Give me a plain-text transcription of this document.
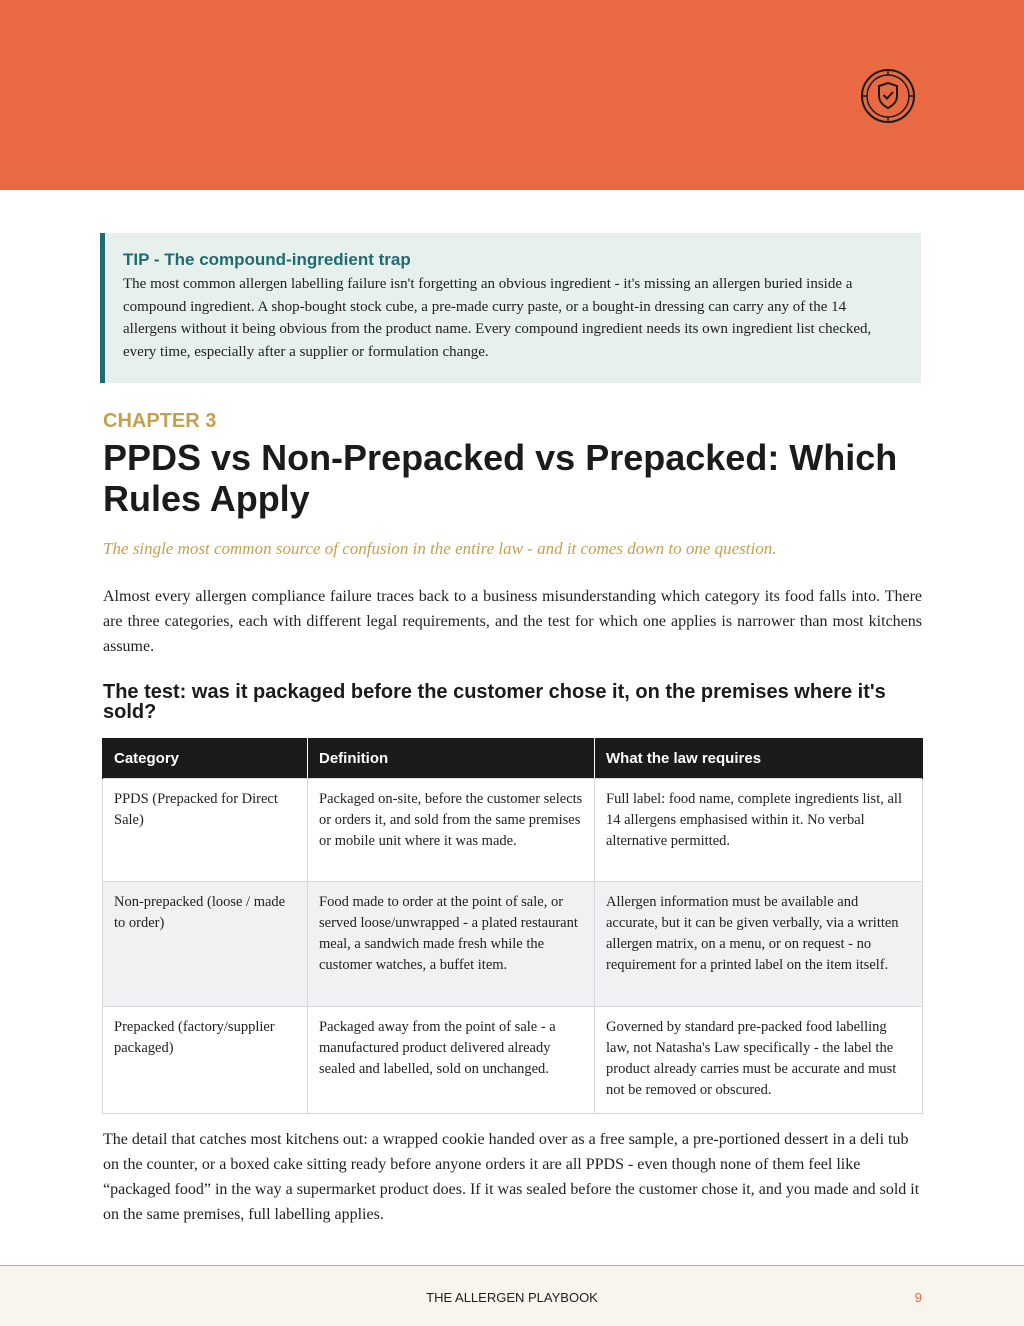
TIP - The compound-ingredient trap

The most common allergen labelling failure isn't forgetting an obvious ingredient - it's missing an allergen buried inside a compound ingredient. A shop-bought stock cube, a pre-made curry paste, or a bought-in dressing can carry any of the 14 allergens without it being obvious from the product name. Every compound ingredient needs its own ingredient list checked, every time, especially after a supplier or formulation change.

CHAPTER 3
PPDS vs Non-Prepacked vs Prepacked: Which Rules Apply
The single most common source of confusion in the entire law - and it comes down to one question.

Almost every allergen compliance failure traces back to a business misunderstanding which category its food falls into. There are three categories, each with different legal requirements, and the test for which one applies is narrower than most kitchens assume.

The test: was it packaged before the customer chose it, on the premises where it's sold?
Category	Definition	What the law requires
PPDS (Prepacked for Direct Sale)	Packaged on-site, before the customer selects or orders it, and sold from the same premises or mobile unit where it was made.	Full label: food name, complete ingredients list, all 14 allergens emphasised within it. No verbal alternative permitted.
Non-prepacked (loose / made to order)	Food made to order at the point of sale, or served loose/unwrapped - a plated restaurant meal, a sandwich made fresh while the customer watches, a buffet item.	Allergen information must be available and accurate, but it can be given verbally, via a written allergen matrix, on a menu, or on request - no requirement for a printed label on the item itself.
Prepacked (factory/supplier packaged)	Packaged away from the point of sale - a manufactured product delivered already sealed and labelled, sold on unchanged.	Governed by standard pre-packed food labelling law, not Natasha's Law specifically - the label the product already carries must be accurate and must not be removed or obscured.

The detail that catches most kitchens out: a wrapped cookie handed over as a free sample, a pre-portioned dessert in a deli tub on the counter, or a boxed cake sitting ready before anyone orders it are all PPDS - even though none of them feel like “packaged food” in the way a supermarket product does. If it was sealed before the customer chose it, and you made and sold it on the same premises, full labelling applies.

THE ALLERGEN PLAYBOOK	9
